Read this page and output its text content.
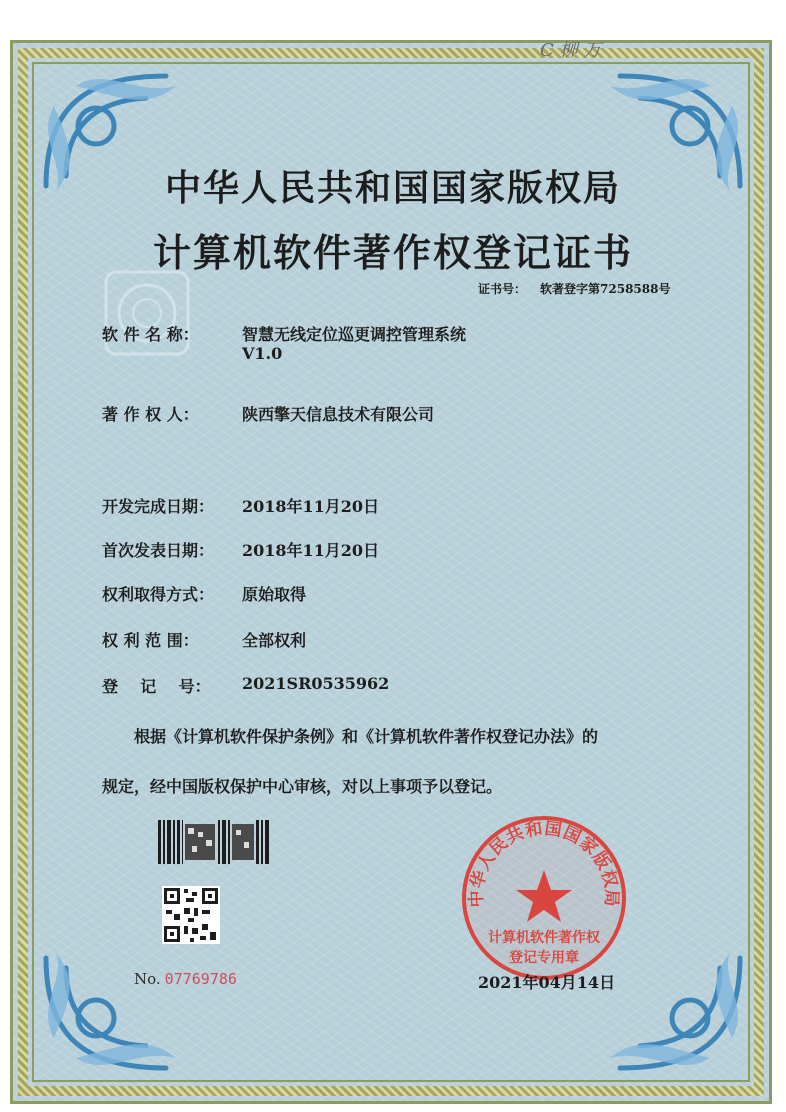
C 柳 万
中华人民共和国国家版权局
计算机软件著作权登记证书
证书号： 软著登字第7258588号
软 件 名 称：	智慧无线定位巡更调控管理系统
V1.0
著 作 权 人：	陕西擎天信息技术有限公司
开发完成日期： 2018年11月20日
首次发表日期： 2018年11月20日
权利取得方式： 原始取得
权 利 范 围：	全部权利
登    记    号： 2021SR0535962
根据《计算机软件保护条例》和《计算机软件著作权登记办法》的
规定，经中国版权保护中心审核，对以上事项予以登记。
No. 07769786
中华人民共和国国家版权局
计算机软件著作权
登记专用章
2021年04月14日
